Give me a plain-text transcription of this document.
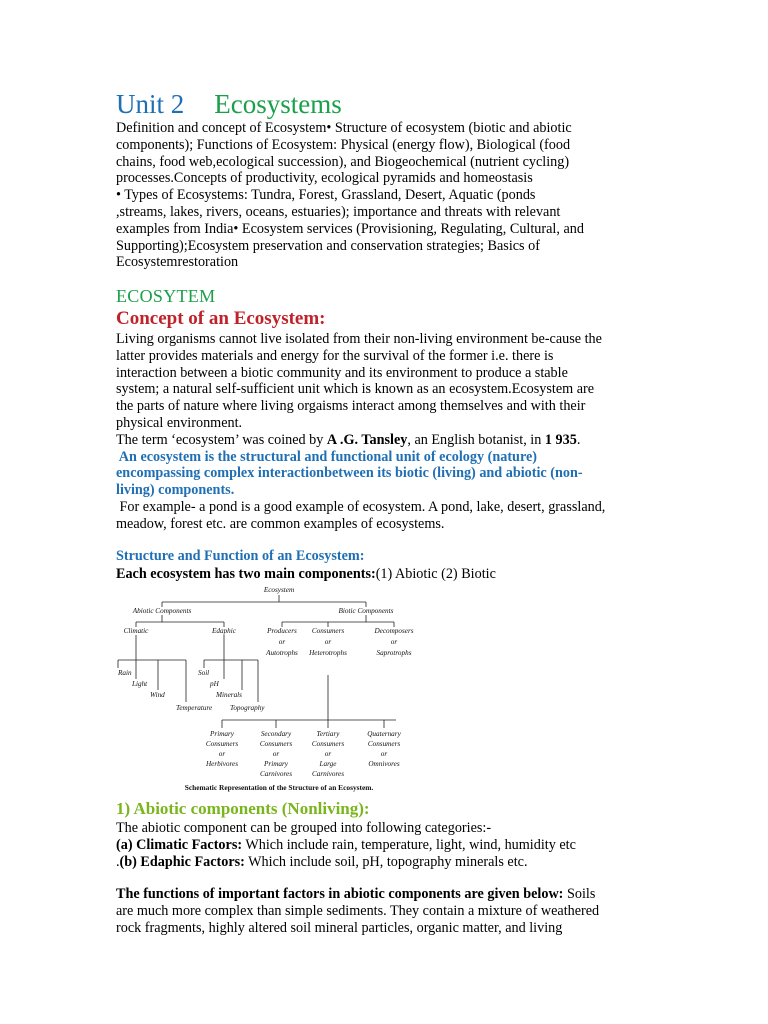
Unit 2 Ecosystems
Definition and concept of Ecosystem• Structure of ecosystem (biotic and abiotic
components); Functions of Ecosystem: Physical (energy flow), Biological (food
chains, food web,ecological succession), and Biogeochemical (nutrient cycling)
processes.Concepts of productivity, ecological pyramids and homeostasis
• Types of Ecosystems: Tundra, Forest, Grassland, Desert, Aquatic (ponds
,streams, lakes, rivers, oceans, estuaries); importance and threats with relevant
examples from India• Ecosystem services (Provisioning, Regulating, Cultural, and
Supporting);Ecosystem preservation and conservation strategies; Basics of
Ecosystemrestoration
ECOSYTEM
Concept of an Ecosystem:
Living organisms cannot live isolated from their non-living environment be-cause the
latter provides materials and energy for the survival of the former i.e. there is
interaction between a biotic community and its environment to produce a stable
system; a natural self-sufficient unit which is known as an ecosystem.Ecosystem are
the parts of nature where living orgaisms interact among themselves and with their
physical environment.
The term ‘ecosystem’ was coined by A .G. Tansley, an English botanist, in 1 935.
An ecosystem is the structural and functional unit of ecology (nature)
encompassing complex interactionbetween its biotic (living) and abiotic (non-
living) components.
For example- a pond is a good example of ecosystem. A pond, lake, desert, grassland,
meadow, forest etc. are common examples of ecosystems.
Structure and Function of an Ecosystem:
Each ecosystem has two main components:(1) Abiotic (2) Biotic
Ecosystem
Abiotic Components	Biotic Components
Climatic	Edaphic	Producers
or
Autotrophs
Consumers
or
Heterotrophs
Decomposers
or
Saprotrophs
Rain
Light
Wind
Temperature
Soil
pH
Minerals
Topography
Primary
Consumers
or
Herbivores
Secondary
Consumers
or
Primary
Carnivores
Tertiary
Consumers
or
Large
Carnivores
Quaternary
Consumers
or
Omnivores
Schematic Representation of the Structure of an Ecosystem.
1) Abiotic components (Nonliving):
The abiotic component can be grouped into following categories:-
(a) Climatic Factors: Which include rain, temperature, light, wind, humidity etc
.(b) Edaphic Factors: Which include soil, pH, topography minerals etc.
The functions of important factors in abiotic components are given below: Soils
are much more complex than simple sediments. They contain a mixture of weathered
rock fragments, highly altered soil mineral particles, organic matter, and living
